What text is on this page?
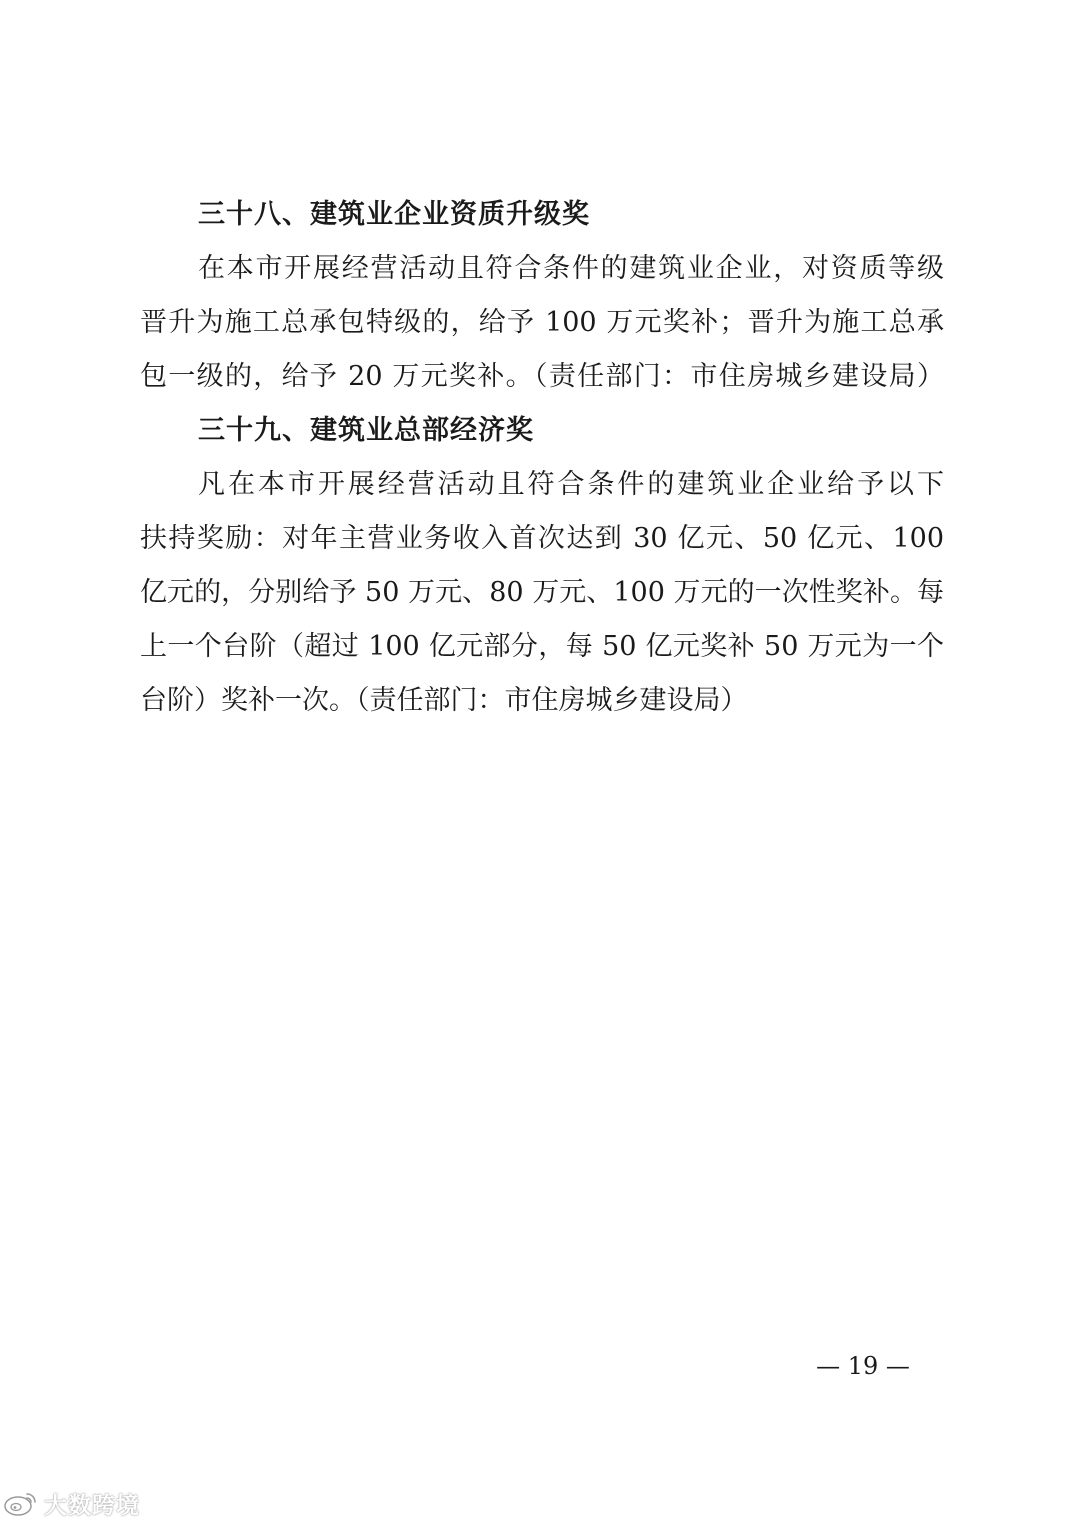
三十八、建筑业企业资质升级奖
在本市开展经营活动且符合条件的建筑业企业，对资质等级
晋升为施工总承包特级的，给予 100 万元奖补；晋升为施工总承
包一级的，给予 20 万元奖补。（责任部门：市住房城乡建设局）
三十九、建筑业总部经济奖
凡在本市开展经营活动且符合条件的建筑业企业给予以下
扶持奖励：对年主营业务收入首次达到 30 亿元、50 亿元、100
亿元的，分别给予 50 万元、80 万元、100 万元的一次性奖补。每
上一个台阶（超过 100 亿元部分，每 50 亿元奖补 50 万元为一个
台阶）奖补一次。（责任部门：市住房城乡建设局）
— 19 —
大数跨境
